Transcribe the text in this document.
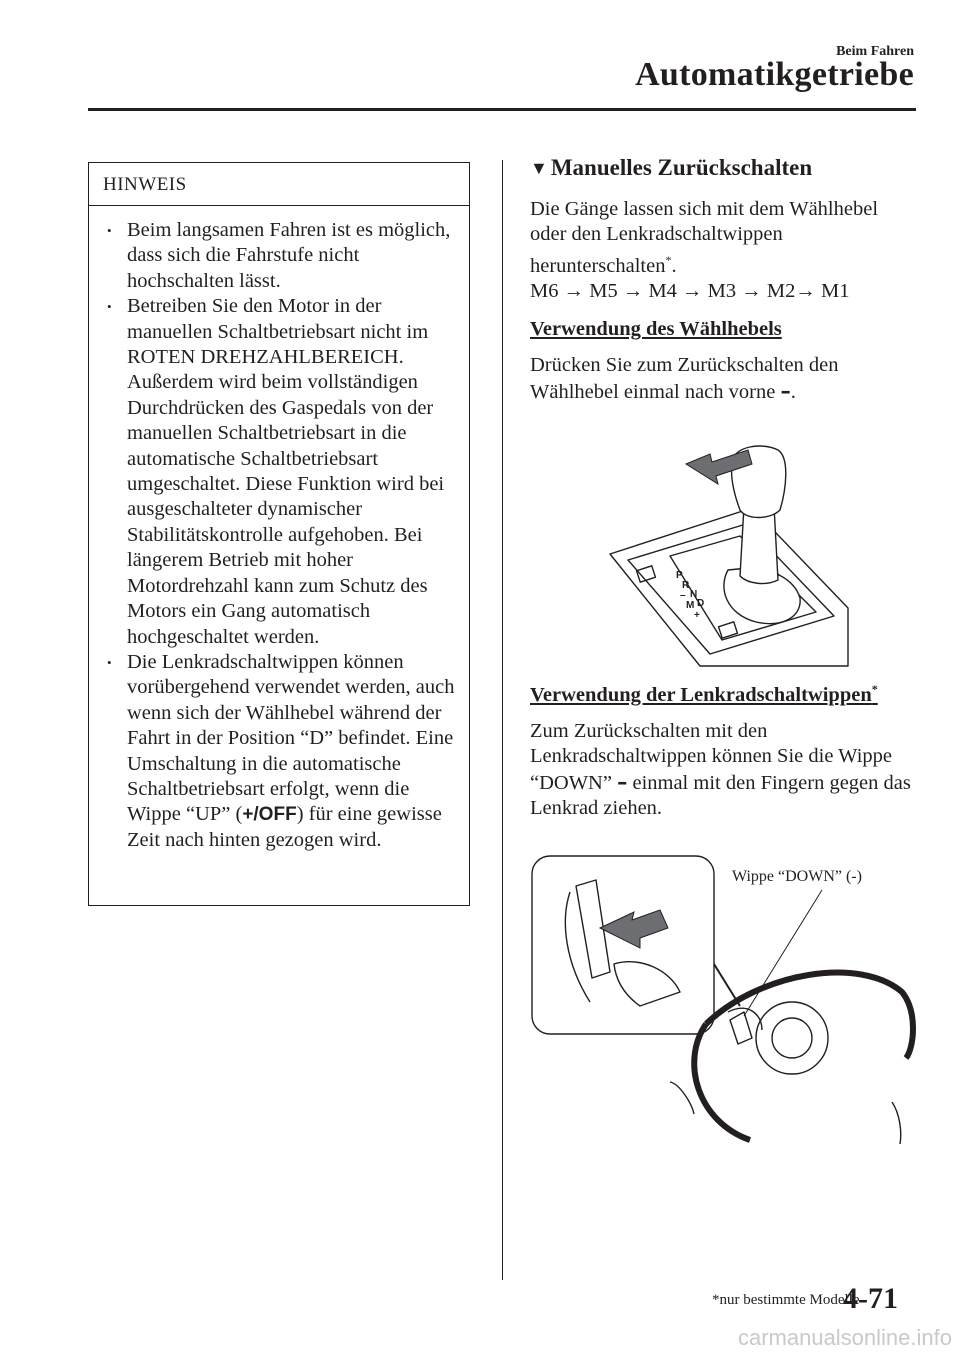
Beim Fahren
Automatikgetriebe
HINWEIS
• Beim langsamen Fahren ist es möglich, dass sich die Fahrstufe nicht hochschalten lässt.
• Betreiben Sie den Motor in der manuellen Schaltbetriebsart nicht im ROTEN DREHZAHLBEREICH. Außerdem wird beim vollständigen Durchdrücken des Gaspedals von der manuellen Schaltbetriebsart in die automatische Schaltbetriebsart umgeschaltet. Diese Funktion wird bei ausgeschalteter dynamischer Stabilitätskontrolle aufgehoben. Bei längerem Betrieb mit hoher Motordrehzahl kann zum Schutz des Motors ein Gang automatisch hochgeschaltet werden.
• Die Lenkradschaltwippen können vorübergehend verwendet werden, auch wenn sich der Wählhebel während der Fahrt in der Position “D” befindet. Eine Umschaltung in die automatische Schaltbetriebsart erfolgt, wenn die Wippe “UP” (+/OFF) für eine gewisse Zeit nach hinten gezogen wird.
▼ Manuelles Zurückschalten

Die Gänge lassen sich mit dem Wählhebel oder den Lenkradschaltwippen herunterschalten*.

M6 → M5 → M4 → M3 → M2→ M1

Verwendung des Wählhebels

Drücken Sie zum Zurückschalten den Wählhebel einmal nach vorne –.

P
R
N
D
M
+
–
Verwendung der Lenkradschaltwippen*

Zum Zurückschalten mit den Lenkradschaltwippen können Sie die Wippe “DOWN” – einmal mit den Fingern gegen das Lenkrad ziehen.

Wippe “DOWN” (-)
*nur bestimmte Modelle
4-71
carmanualsonline.info
